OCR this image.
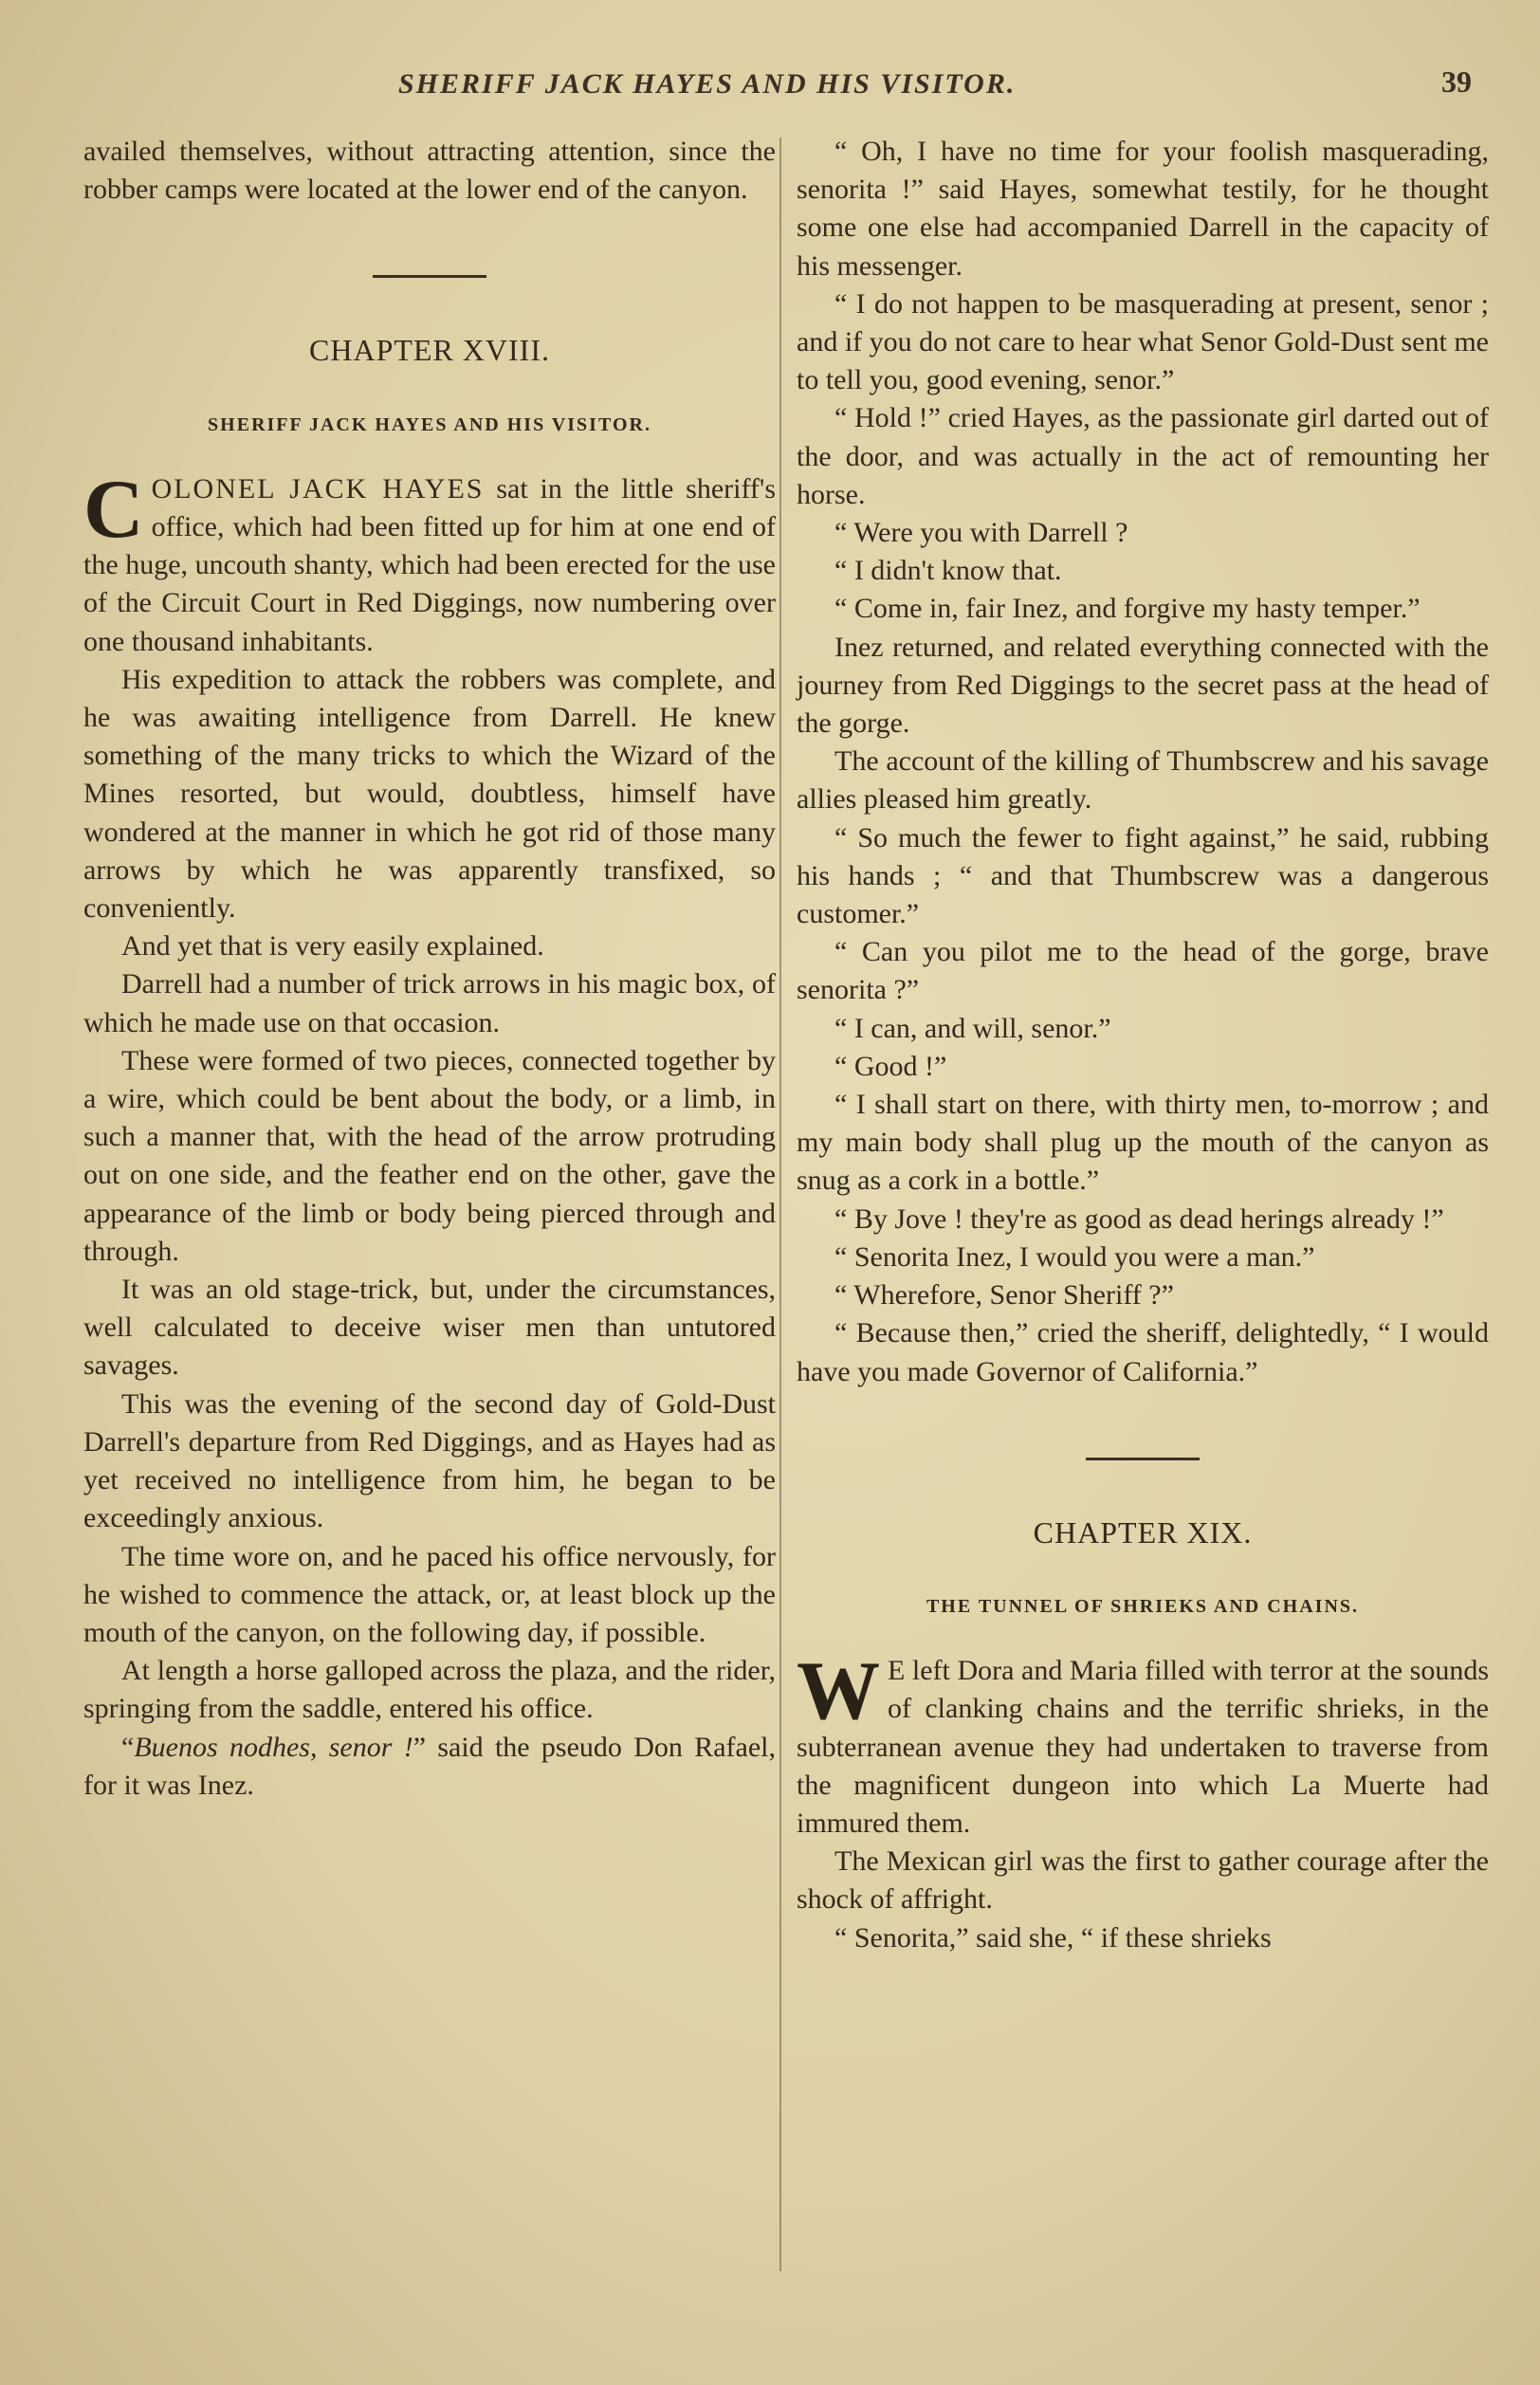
SHERIFF JACK HAYES AND HIS VISITOR.	39

availed themselves, without attracting attention, since the robber camps were located at the lower end of the canyon.

CHAPTER XVIII.
SHERIFF JACK HAYES AND HIS VISITOR.

COLONEL JACK HAYES sat in the little sheriff's office, which had been fitted up for him at one end of the huge, uncouth shanty, which had been erected for the use of the Circuit Court in Red Diggings, now numbering over one thousand inhabitants.

His expedition to attack the robbers was complete, and he was awaiting intelligence from Darrell. He knew something of the many tricks to which the Wizard of the Mines resorted, but would, doubtless, himself have wondered at the manner in which he got rid of those many arrows by which he was apparently transfixed, so conveniently.

And yet that is very easily explained.

Darrell had a number of trick arrows in his magic box, of which he made use on that occasion.

These were formed of two pieces, connected together by a wire, which could be bent about the body, or a limb, in such a manner that, with the head of the arrow protruding out on one side, and the feather end on the other, gave the appearance of the limb or body being pierced through and through.

It was an old stage-trick, but, under the circumstances, well calculated to deceive wiser men than untutored savages.

This was the evening of the second day of Gold-Dust Darrell's departure from Red Diggings, and as Hayes had as yet received no intelligence from him, he began to be exceedingly anxious.

The time wore on, and he paced his office nervously, for he wished to commence the attack, or, at least block up the mouth of the canyon, on the following day, if possible.

At length a horse galloped across the plaza, and the rider, springing from the saddle, entered his office.

“Buenos nodhes, senor !” said the pseudo Don Rafael, for it was Inez.

“ Oh, I have no time for your foolish masquerading, senorita !” said Hayes, somewhat testily, for he thought some one else had accompanied Darrell in the capacity of his messenger.

“ I do not happen to be masquerading at present, senor ; and if you do not care to hear what Senor Gold-Dust sent me to tell you, good evening, senor.”

“ Hold !” cried Hayes, as the passionate girl darted out of the door, and was actually in the act of remounting her horse.

“ Were you with Darrell ?

“ I didn't know that.

“ Come in, fair Inez, and forgive my hasty temper.”

Inez returned, and related everything connected with the journey from Red Diggings to the secret pass at the head of the gorge.

The account of the killing of Thumbscrew and his savage allies pleased him greatly.

“ So much the fewer to fight against,” he said, rubbing his hands ; “ and that Thumbscrew was a dangerous customer.”

“ Can you pilot me to the head of the gorge, brave senorita ?”

“ I can, and will, senor.”

“ Good !”

“ I shall start on there, with thirty men, to-morrow ; and my main body shall plug up the mouth of the canyon as snug as a cork in a bottle.”

“ By Jove ! they're as good as dead herings already !”

“ Senorita Inez, I would you were a man.”

“ Wherefore, Senor Sheriff ?”

“ Because then,” cried the sheriff, delightedly, “ I would have you made Governor of California.”

CHAPTER XIX.
THE TUNNEL OF SHRIEKS AND CHAINS.

W E left Dora and Maria filled with terror at the sounds of clanking chains and the terrific shrieks, in the subterranean avenue they had undertaken to traverse from the magnificent dungeon into which La Muerte had immured them.

The Mexican girl was the first to gather courage after the shock of affright.

“ Senorita,” said she, “ if these shrieks
